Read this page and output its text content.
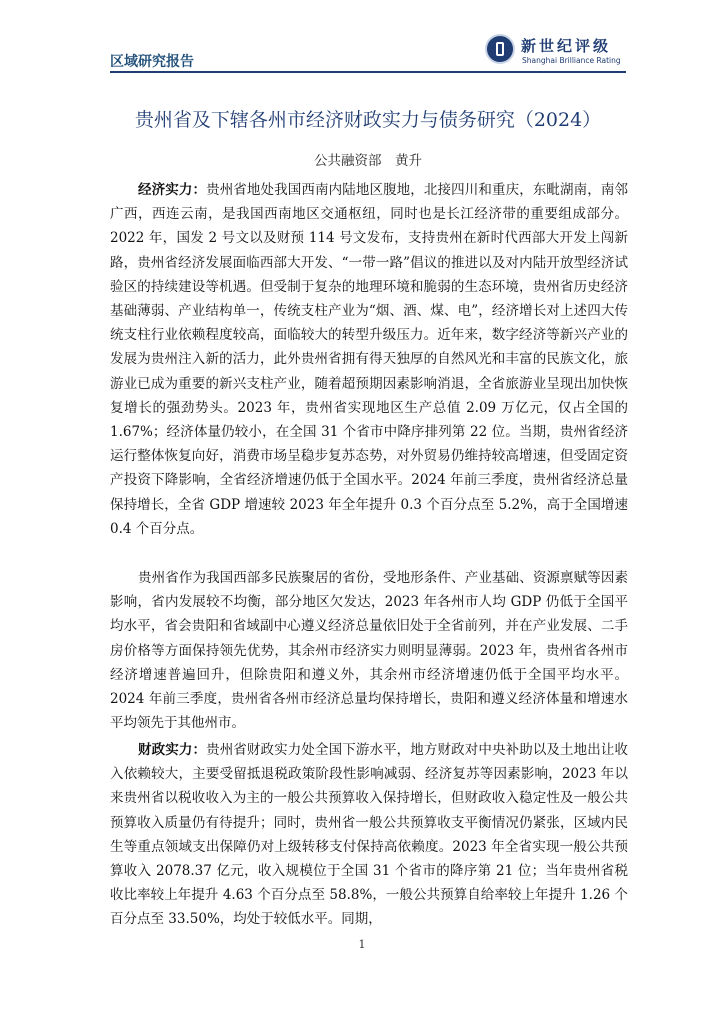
区域研究报告
新世纪评级
Shanghai Brilliance Rating
贵州省及下辖各州市经济财政实力与债务研究（2024）
公共融资部　黄升

经济实力：贵州省地处我国西南内陆地区腹地，北接四川和重庆，东毗湖南，南邻广西，西连云南，是我国西南地区交通枢纽，同时也是长江经济带的重要组成部分。2022 年，国发 2 号文以及财预 114 号文发布，支持贵州在新时代西部大开发上闯新路，贵州省经济发展面临西部大开发、“一带一路”倡议的推进以及对内陆开放型经济试验区的持续建设等机遇。但受制于复杂的地理环境和脆弱的生态环境，贵州省历史经济基础薄弱、产业结构单一，传统支柱产业为“烟、酒、煤、电”，经济增长对上述四大传统支柱行业依赖程度较高，面临较大的转型升级压力。近年来，数字经济等新兴产业的发展为贵州注入新的活力，此外贵州省拥有得天独厚的自然风光和丰富的民族文化，旅游业已成为重要的新兴支柱产业，随着超预期因素影响消退，全省旅游业呈现出加快恢复增长的强劲势头。2023 年，贵州省实现地区生产总值 2.09 万亿元，仅占全国的 1.67%；经济体量仍较小，在全国 31 个省市中降序排列第 22 位。当期，贵州省经济运行整体恢复向好，消费市场呈稳步复苏态势，对外贸易仍维持较高增速，但受固定资产投资下降影响，全省经济增速仍低于全国水平。2024 年前三季度，贵州省经济总量保持增长，全省 GDP 增速较 2023 年全年提升 0.3 个百分点至 5.2%，高于全国增速 0.4 个百分点。

贵州省作为我国西部多民族聚居的省份，受地形条件、产业基础、资源禀赋等因素影响，省内发展较不均衡，部分地区欠发达，2023 年各州市人均 GDP 仍低于全国平均水平，省会贵阳和省域副中心遵义经济总量依旧处于全省前列，并在产业发展、二手房价格等方面保持领先优势，其余州市经济实力则明显薄弱。2023 年，贵州省各州市经济增速普遍回升，但除贵阳和遵义外，其余州市经济增速仍低于全国平均水平。2024 年前三季度，贵州省各州市经济总量均保持增长，贵阳和遵义经济体量和增速水平均领先于其他州市。

财政实力：贵州省财政实力处全国下游水平，地方财政对中央补助以及土地出让收入依赖较大，主要受留抵退税政策阶段性影响减弱、经济复苏等因素影响，2023 年以来贵州省以税收收入为主的一般公共预算收入保持增长，但财政收入稳定性及一般公共预算收入质量仍有待提升；同时，贵州省一般公共预算收支平衡情况仍紧张，区域内民生等重点领域支出保障仍对上级转移支付保持高依赖度。2023 年全省实现一般公共预算收入 2078.37 亿元，收入规模位于全国 31 个省市的降序第 21 位；当年贵州省税收比率较上年提升 4.63 个百分点至 58.8%，一般公共预算自给率较上年提升 1.26 个百分点至 33.50%，均处于较低水平。同期，

1
